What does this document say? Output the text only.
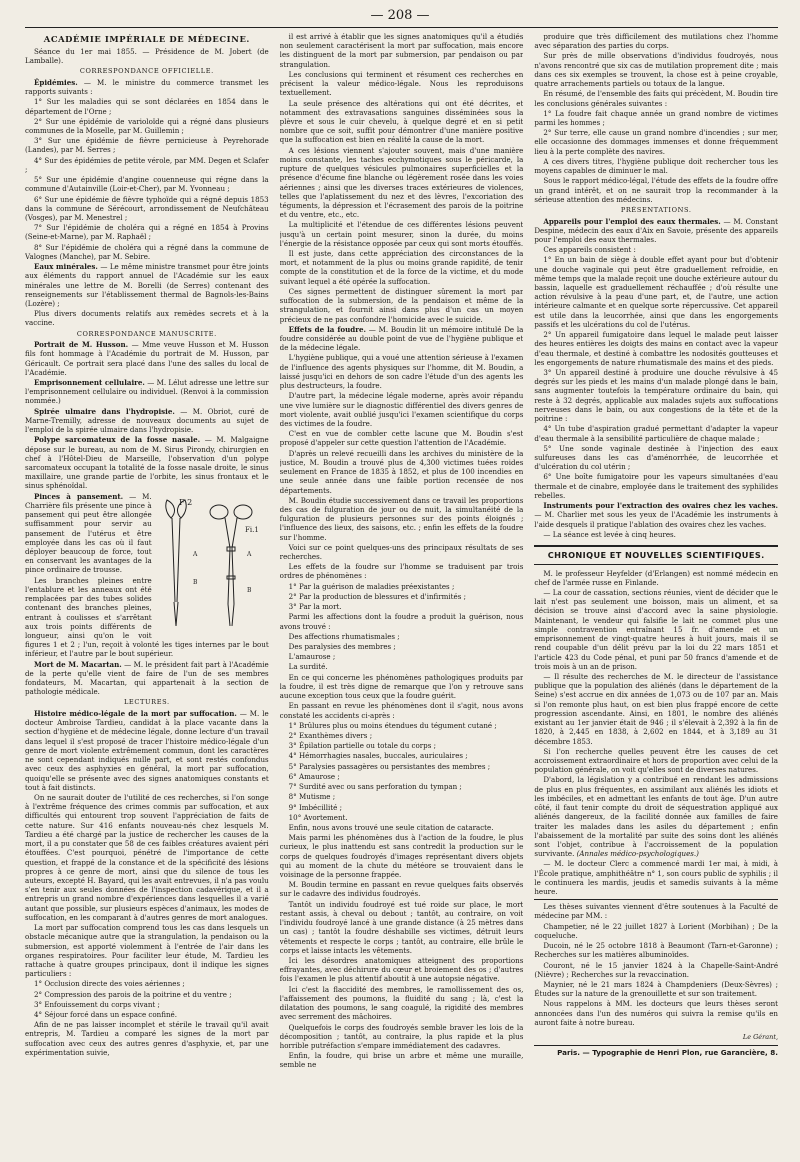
— 208 —
ACADÉMIE IMPÉRIALE DE MÉDECINE.

Séance du 1er mai 1855. — Présidence de M. Jobert (de Lamballe).

CORRESPONDANCE OFFICIELLE.

Épidémies. — M. le ministre du commerce transmet les rapports suivants :

1° Sur les maladies qui se sont déclarées en 1854 dans le département de l'Orne ;

2° Sur une épidémie de varioloïde qui a régné dans plusieurs communes de la Moselle, par M. Guillemin ;

3° Sur une épidémie de fièvre pernicieuse à Peyrehorade (Landes), par M. Serres ;

4° Sur des épidémies de petite vérole, par MM. Degen et Sclafer ;

5° Sur une épidémie d'angine couenneuse qui régne dans la commune d'Autainville (Loir-et-Cher), par M. Yvonneau ;

6° Sur une épidémie de fièvre typhoïde qui a régné depuis 1853 dans la commune de Sérécourt, arrondissement de Neufchâteau (Vosges), par M. Menestrel ;

7° Sur l'épidémie de choléra qui a régné en 1854 à Provins (Seine-et-Marne), par M. Raphaël ;

8° Sur l'épidémie de choléra qui a régné dans la commune de Valognes (Manche), par M. Sebire.

Eaux minérales. — Le même ministre transmet pour être joints aux éléments du rapport annuel de l'Académie sur les eaux minérales une lettre de M. Borelli (de Serres) contenant des renseignements sur l'établissement thermal de Bagnols-les-Bains (Lozère) ;

Plus divers documents relatifs aux remèdes secrets et à la vaccine.

CORRESPONDANCE MANUSCRITE.

Portrait de M. Husson. — Mme veuve Husson et M. Husson fils font hommage à l'Académie du portrait de M. Husson, par Géricault. Ce portrait sera placé dans l'une des salles du local de l'Académie.

Emprisonnement cellulaire. — M. Lélut adresse une lettre sur l'emprisonnement cellulaire ou individuel. (Renvoi à la commission nommée.)

Spirée ulmaire dans l'hydropisie. — M. Obriot, curé de Marne-Tremilly, adresse de nouveaux documents au sujet de l'emploi de la spirée ulmaire dans l'hydropisie.

Polype sarcomateux de la fosse nasale. — M. Malgaigne dépose sur le bureau, au nom de M. Sirus Pirondy, chirurgien en chef à l'Hôtel-Dieu de Marseille, l'observation d'un polype sarcomateux occupant la totalité de la fosse nasale droite, le sinus maxillaire, une grande partie de l'orbite, les sinus frontaux et le sinus sphénoïdal.

F 2
Fi.1
A
B
A
B

Pinces à pansement. — M. Charrière fils présente une pince à pansement qui peut être allongée suffisamment pour servir au pansement de l'utérus et être employée dans les cas où il faut déployer beaucoup de force, tout en conservant les avantages de la pince ordinaire de trousse.

Les branches pleines entre l'entablure et les anneaux ont été remplacées par des tubes solides contenant des branches pleines, entrant à coulisses et s'arrêtant aux trois points différents de longueur, ainsi qu'on le voit figures 1 et 2 ; l'un, reçoit à volonté les tiges internes par le bout inférieur, et l'autre par le bout supérieur.

Mort de M. Macartan. — M. le président fait part à l'Académie de la perte qu'elle vient de faire de l'un de ses membres fondateurs, M. Macartan, qui appartenait à la section de pathologie médicale.

LECTURES.

Histoire médico-légale de la mort par suffocation. — M. le docteur Ambroise Tardieu, candidat à la place vacante dans la section d'hygiène et de médecine légale, donne lecture d'un travail dans lequel il s'est proposé de tracer l'histoire médico-légale d'un genre de mort violente extrêmement commun, dont les caractères ne sont cependant indiqués nulle part, et sont restés confondus avec ceux des asphyxies en général, la mort par suffocation, quoiqu'elle se présente avec des signes anatomiques constants et tout à fait distincts.

On ne saurait douter de l'utilité de ces recherches, si l'on songe à l'extrême fréquence des crimes commis par suffocation, et aux difficultés qui entourent trop souvent l'appréciation de faits de cette nature. Sur 416 enfants nouveau-nés chez lesquels M. Tardieu a été chargé par la justice de rechercher les causes de la mort, il a pu constater que 58 de ces faibles créatures avaient péri étouffées. C'est pourquoi, pénétré de l'importance de cette question, et frappé de la constance et de la spécificité des lésions propres à ce genre de mort, ainsi que du silence de tous les auteurs, excepté H. Bayard, qui les avait entrevues, il n'a pas voulu s'en tenir aux seules données de l'inspection cadavérique, et il a entrepris un grand nombre d'expériences dans lesquelles il a varié autant que possible, sur plusieurs espèces d'animaux, les modes de suffocation, en les comparant à d'autres genres de mort analogues.

La mort par suffocation comprend tous les cas dans lesquels un obstacle mécanique autre que la strangulation, la pendaison ou la submersion, est apporté violemment à l'entrée de l'air dans les organes respiratoires. Pour faciliter leur étude, M. Tardieu les rattache à quatre groupes principaux, dont il indique les signes particuliers :

1° Occlusion directe des voies aériennes ;

2° Compression des parois de la poitrine et du ventre ;

3° Enfouissement du corps vivant ;

4° Séjour forcé dans un espace confiné.

Afin de ne pas laisser incomplet et stérile le travail qu'il avait entrepris, M. Tardieu a comparé les signes de la mort par suffocation avec ceux des autres genres d'asphyxie, et, par une expérimentation suivie,

il est arrivé à établir que les signes anatomiques qu'il a étudiés non seulement caractérisent la mort par suffocation, mais encore les distinguent de la mort par submersion, par pendaison ou par strangulation.

Les conclusions qui terminent et résument ces recherches en précisent la valeur médico-légale. Nous les reproduisons textuellement.

La seule présence des altérations qui ont été décrites, et notamment des extravasations sanguines disséminées sous la plèvre et sous le cuir chevelu, à quelque degré et en si petit nombre que ce soit, suffit pour démontrer d'une manière positive que la suffocation est bien en réalité la cause de la mort.

A ces lésions viennent s'ajouter souvent, mais d'une manière moins constante, les taches ecchymotiques sous le péricarde, la rupture de quelques vésicules pulmonaires superficielles et la présence d'écume fine blanche ou légèrement rosée dans les voies aériennes ; ainsi que les diverses traces extérieures de violences, telles que l'aplatissement du nez et des lèvres, l'excoriation des téguments, la dépression et l'écrasement des parois de la poitrine et du ventre, etc., etc.

La multiplicité et l'étendue de ces différentes lésions peuvent jusqu'à un certain point mesurer, sinon la durée, du moins l'énergie de la résistance opposée par ceux qui sont morts étouffés.

Il est juste, dans cette appréciation des circonstances de la mort, et notamment de la plus ou moins grande rapidité, de tenir compte de la constitution et de la force de la victime, et du mode suivant lequel a été opérée la suffocation.

Ces signes permettent de distinguer sûrement la mort par suffocation de la submersion, de la pendaison et même de la strangulation, et fournit ainsi dans plus d'un cas un moyen précieux de ne pas confondre l'homicide avec le suicide.

Effets de la foudre. — M. Boudin lit un mémoire intitulé De la foudre considérée au double point de vue de l'hygiène publique et de la médecine légale.

L'hygiène publique, qui a voué une attention sérieuse à l'examen de l'influence des agents physiques sur l'homme, dit M. Boudin, a laissé jusqu'ici en dehors de son cadre l'étude d'un des agents les plus destructeurs, la foudre.

D'autre part, la médecine légale moderne, après avoir répandu une vive lumière sur le diagnostic différentiel des divers genres de mort violente, avait oublié jusqu'ici l'examen scientifique du corps des victimes de la foudre.

C'est en vue de combler cette lacune que M. Boudin s'est proposé d'appeler sur cette question l'attention de l'Académie.

D'après un relevé recueilli dans les archives du ministère de la justice, M. Boudin a trouvé plus de 4,300 victimes tuées roides seulement en France de 1835 à 1852, et plus de 100 incendies en une seule année dans une faible portion recensée de nos départements.

M. Boudin étudie successivement dans ce travail les proportions des cas de fulguration de jour ou de nuit, la simultanéité de la fulguration de plusieurs personnes sur des points éloignés ; l'influence des lieux, des saisons, etc. ; enfin les effets de la foudre sur l'homme.

Voici sur ce point quelques-uns des principaux résultats de ses recherches.

Les effets de la foudre sur l'homme se traduisent par trois ordres de phénomènes :

1° Par la guérison de maladies préexistantes ;

2° Par la production de blessures et d'infirmités ;

3° Par la mort.

Parmi les affections dont la foudre a produit la guérison, nous avons trouvé :

Des affections rhumatismales ;

Des paralysies des membres ;

L'amaurose ;

La surdité.

En ce qui concerne les phénomènes pathologiques produits par la foudre, il est très digne de remarque que l'on y retrouve sans aucune exception tous ceux que la foudre guérit.

En passant en revue les phénomènes dont il s'agit, nous avons constaté les accidents ci-après :

1° Brûlures plus ou moins étendues du tégument cutané ;

2° Exanthèmes divers ;

3° Épilation partielle ou totale du corps ;

4° Hémorrhagies nasales, buccales, auriculaires ;

5° Paralysies passagères ou persistantes des membres ;

6° Amaurose ;

7° Surdité avec ou sans perforation du tympan ;

8° Mutisme ;

9° Imbécillité ;

10° Avortement.

Enfin, nous avons trouvé une seule citation de cataracte.

Mais parmi les phénomènes dus à l'action de la foudre, le plus curieux, le plus inattendu est sans contredit la production sur le corps de quelques foudroyés d'images représentant divers objets qui au moment de la chute du météore se trouvaient dans le voisinage de la personne frappée.

M. Boudin termine en passant en revue quelques faits observés sur le cadavre des individus foudroyés.

Tantôt un individu foudroyé est tué roide sur place, le mort restant assis, à cheval ou debout ; tantôt, au contraire, on voit l'individu foudroyé lancé à une grande distance (à 25 mètres dans un cas) ; tantôt la foudre déshabille ses victimes, détruit leurs vêtements et respecte le corps ; tantôt, au contraire, elle brûle le corps et laisse intacts les vêtements.

Ici les désordres anatomiques atteignent des proportions effrayantes, avec déchirure du cœur et broiement des os ; d'autres fois l'examen le plus attentif aboutit à une autopsie négative.

Ici c'est la flaccidité des membres, le ramollissement des os, l'affaissement des poumons, la fluidité du sang ; là, c'est la dilatation des poumons, le sang coagulé, la rigidité des membres avec serrement des mâchoires.

Quelquefois le corps des foudroyés semble braver les lois de la décomposition ; tantôt, au contraire, la plus rapide et la plus horrible putréfaction s'empare immédiatement des cadavres.

Enfin, la foudre, qui brise un arbre et même une muraille, semble ne

produire que très difficilement des mutilations chez l'homme avec séparation des parties du corps.

Sur près de mille observations d'individus foudroyés, nous n'avons rencontré que six cas de mutilation proprement dite ; mais dans ces six exemples se trouvent, la chose est à peine croyable, quatre arrachements partiels ou totaux de la langue.

En résumé, de l'ensemble des faits qui précèdent, M. Boudin tire les conclusions générales suivantes :

1° La foudre fait chaque année un grand nombre de victimes parmi les hommes ;

2° Sur terre, elle cause un grand nombre d'incendies ; sur mer, elle occasionne des dommages immenses et donne fréquemment lieu à la perte complète des navires.

A ces divers titres, l'hygiène publique doit rechercher tous les moyens capables de diminuer le mal.

Sous le rapport médico-légal, l'étude des effets de la foudre offre un grand intérêt, et on ne saurait trop la recommander à la sérieuse attention des médecins.

PRÉSENTATIONS.

Appareils pour l'emploi des eaux thermales. — M. Constant Despine, médecin des eaux d'Aix en Savoie, présente des appareils pour l'emploi des eaux thermales.

Ces appareils consistent :

1° En un bain de siège à double effet ayant pour but d'obtenir une douche vaginale qui peut être graduellement refroidie, en même temps que la malade reçoit une douche extérieure autour du bassin, laquelle est graduellement réchauffée ; d'où résulte une action révulsive à la peau d'une part, et, de l'autre, une action intérieure calmante et en quelque sorte répercussive. Cet appareil est utile dans la leucorrhée, ainsi que dans les engorgements passifs et les ulcérations du col de l'utérus.

2° Un appareil fumigatoire dans lequel le malade peut laisser des heures entières les doigts des mains en contact avec la vapeur d'eau thermale, et destiné à combattre les nodosités goutteuses et les engorgements de nature rhumatismale des mains et des pieds.

3° Un appareil destiné à produire une douche révulsive à 45 degrés sur les pieds et les mains d'un malade plongé dans le bain, sans augmenter toutefois la température ordinaire du bain, qui reste à 32 degrés, applicable aux malades sujets aux suffocations nerveuses dans le bain, ou aux congestions de la tête et de la poitrine :

4° Un tube d'aspiration gradué permettant d'adapter la vapeur d'eau thermale à la sensibilité particulière de chaque malade ;

5° Une sonde vaginale destinée à l'injection des eaux sulfureuses dans les cas d'aménorrhée, de leucorrhée et d'ulcération du col utérin ;

6° Une boîte fumigatoire pour les vapeurs simultanées d'eau thermale et de cinabre, employée dans le traitement des syphilides rebelles.

Instruments pour l'extraction des ovaires chez les vaches. — M. Charlier met sous les yeux de l'Académie les instruments à l'aide desquels il pratique l'ablation des ovaires chez les vaches.

— La séance est levée à cinq heures.

CHRONIQUE ET NOUVELLES SCIENTIFIQUES.

M. le professeur Heyfelder (d'Erlangen) est nommé médecin en chef de l'armée russe en Finlande.

— La cour de cassation, sections réunies, vient de décider que le lait n'est pas seulement une boisson, mais un aliment, et sa décision se trouve ainsi d'accord avec la saine physiologie. Maintenant, le vendeur qui falsifie le lait ne commet plus une simple contravention entraînant 15 fr. d'amende et un emprisonnement de vingt-quatre heures à huit jours, mais il se rend coupable d'un délit prévu par la loi du 22 mars 1851 et l'article 423 du Code pénal, et puni par 50 francs d'amende et de trois mois à un an de prison.

— Il résulte des recherches de M. le directeur de l'assistance publique que la population des aliénés (dans le département de la Seine) s'est accrue en dix années de 1,073 ou de 107 par an. Mais si l'on remonte plus haut, on est bien plus frappé encore de cette progression ascendante. Ainsi, en 1801, le nombre des aliénés existant au 1er janvier était de 946 ; il s'élevait à 2,392 à la fin de 1820, à 2,445 en 1838, à 2,602 en 1844, et à 3,189 au 31 décembre 1853.

Si l'on recherche quelles peuvent être les causes de cet accroissement extraordinaire et hors de proportion avec celui de la population générale, on voit qu'elles sont de diverses natures.

D'abord, la législation y a contribué en rendant les admissions de plus en plus fréquentes, en assimilant aux aliénés les idiots et les imbéciles, et en admettant les enfants de tout âge. D'un autre côté, il faut tenir compte du droit de séquestration appliqué aux aliénés dangereux, de la facilité donnée aux familles de faire traiter les malades dans les asiles du département ; enfin l'abaissement de la mortalité par suite des soins dont les aliénés sont l'objet, contribue à l'accroissement de la population survivante. (Annales médico-psychologiques.)

— M. le docteur Clerc a commencé mardi 1er mai, à midi, à l'École pratique, amphithéâtre n° 1, son cours public de syphilis ; il le continuera les mardis, jeudis et samedis suivants à la même heure.

Les thèses suivantes viennent d'être soutenues à la Faculté de médecine par MM. :

Champetier, né le 22 juillet 1827 à Lorient (Morbihan) ; De la coqueluche.

Ducoin, né le 25 octobre 1818 à Beaumont (Tarn-et-Garonne) ; Recherches sur les matières albuminoïdes.

Couront, né le 15 janvier 1824 à la Chapelle-Saint-André (Nièvre) ; Recherches sur la revaccination.

Maynier, né le 21 mars 1824 à Champdeniers (Deux-Sèvres) ; Études sur la nature de la grenouillette et sur son traitement.

Nous rappelons à MM. les docteurs que leurs thèses seront annoncées dans l'un des numéros qui suivra la remise qu'ils en auront faite à notre bureau.

Le Gérant,
Paris. — Typographie de Henri Plon, rue Garancière, 8.
